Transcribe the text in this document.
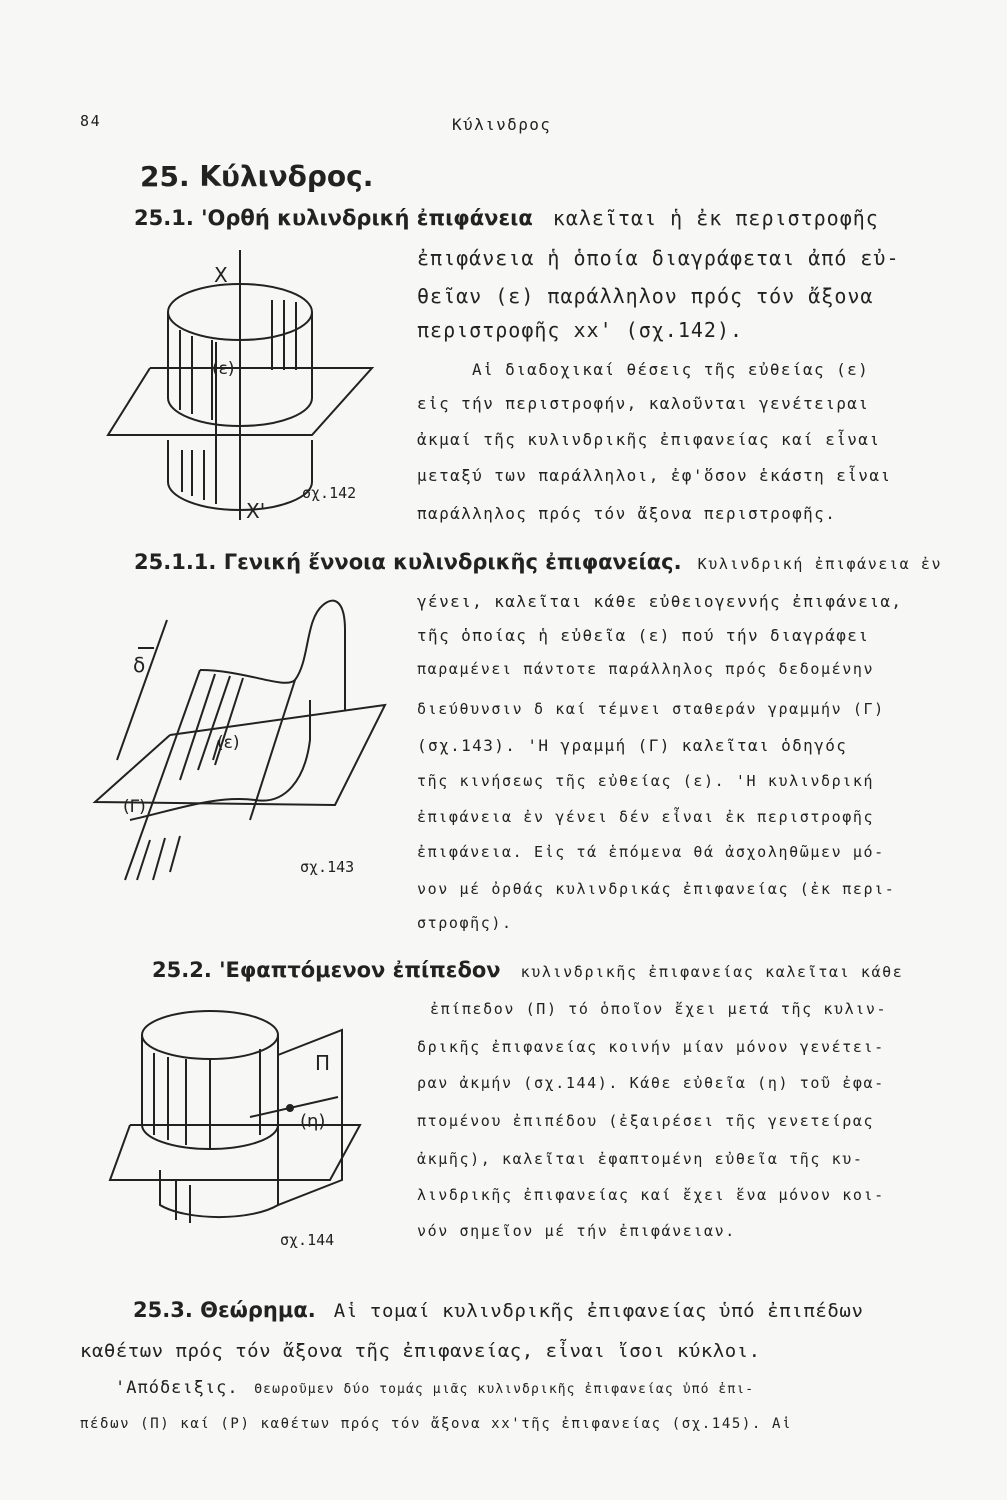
84	Κύλινδρος
25. Κύλινδρος.
25.1. 'Ορθή κυλινδρική ἐπιφάνεια καλεῖται ἡ ἐκ περιστροφῆς
ἐπιφάνεια ἡ ὁποία διαγράφεται ἀπό εὐ-
θεῖαν (ε) παράλληλον πρός τόν ἄξονα
περιστροφῆς xx' (σχ.142).
Αἱ διαδοχικαί θέσεις τῆς εὐθείας (ε)
εἰς τήν περιστροφήν, καλοῦνται γενέτειραι
ἀκμαί τῆς κυλινδρικῆς ἐπιφανείας καί εἶναι
μεταξύ των παράλληλοι, ἐφ'ὅσον ἑκάστη εἶναι
παράλληλος πρός τόν ἄξονα περιστροφῆς.
X
(ε)
X'
σχ.142
25.1.1. Γενική ἔννοια κυλινδρικῆς ἐπιφανείας. Κυλινδρική ἐπιφάνεια ἐν
γένει, καλεῖται κάθε εὐθειογεννής ἐπιφάνεια,
τῆς ὁποίας ἡ εὐθεῖα (ε) πού τήν διαγράφει
παραμένει πάντοτε παράλληλος πρός δεδομένην
διεύθυνσιν δ καί τέμνει σταθεράν γραμμήν (Γ)
(σχ.143). 'Η γραμμή (Γ) καλεῖται ὁδηγός
τῆς κινήσεως τῆς εὐθείας (ε). 'Η κυλινδρική
ἐπιφάνεια ἐν γένει δέν εἶναι ἐκ περιστροφῆς
ἐπιφάνεια. Εἰς τά ἑπόμενα θά ἀσχοληθῶμεν μό-
νον μέ ὀρθάς κυλινδρικάς ἐπιφανείας (ἐκ περι-
στροφῆς).
δ
(ε)
(Γ)
σχ.143
25.2. 'Εφαπτόμενον ἐπίπεδον κυλινδρικῆς ἐπιφανείας καλεῖται κάθε
ἐπίπεδον (Π) τό ὁποῖον ἔχει μετά τῆς κυλιν-
δρικῆς ἐπιφανείας κοινήν μίαν μόνον γενέτει-
ραν ἀκμήν (σχ.144). Κάθε εὐθεῖα (η) τοῦ ἐφα-
πτομένου ἐπιπέδου (ἐξαιρέσει τῆς γενετείρας
ἀκμῆς), καλεῖται ἐφαπτομένη εὐθεῖα τῆς κυ-
λινδρικῆς ἐπιφανείας καί ἔχει ἕνα μόνον κοι-
νόν σημεῖον μέ τήν ἐπιφάνειαν.
Π
(η)
σχ.144
25.3. Θεώρημα. Αἱ τομαί κυλινδρικῆς ἐπιφανείας ὑπό ἐπιπέδων
καθέτων πρός τόν ἄξονα τῆς ἐπιφανείας, εἶναι ἴσοι κύκλοι.
'Απόδειξις. Θεωροῦμεν δύο τομάς μιᾶς κυλινδρικῆς ἐπιφανείας ὑπό ἐπι-
πέδων (Π) καί (Ρ) καθέτων πρός τόν ἄξονα xx'τῆς ἐπιφανείας (σχ.145). Αἱ
